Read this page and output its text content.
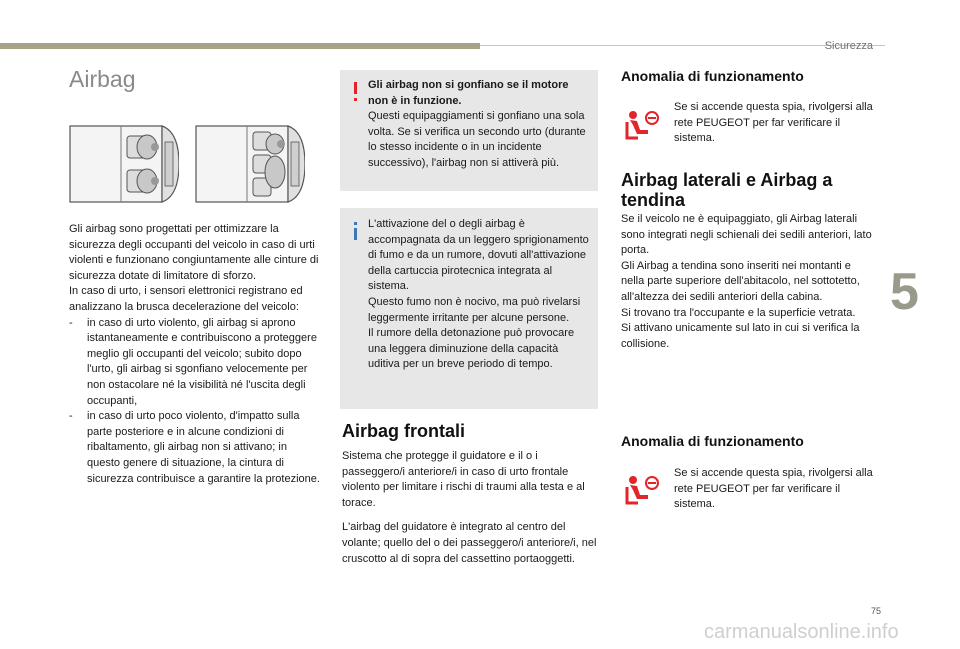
Sicurezza
5
Airbag

Gli airbag sono progettati per ottimizzare la sicurezza degli occupanti del veicolo in caso di urti violenti e funzionano congiuntamente alle cinture di sicurezza dotate di limitatore di sforzo.

In caso di urto, i sensori elettronici registrano ed analizzano la brusca decelerazione del veicolo:

- in caso di urto violento, gli airbag si aprono istantaneamente e contribuiscono a proteggere meglio gli occupanti del veicolo; subito dopo l'urto, gli airbag si sgonfiano velocemente per non ostacolare né la visibilità né l'uscita degli occupanti,
- in caso di urto poco violento, d'impatto sulla parte posteriore e in alcune condizioni di ribaltamento, gli airbag non si attivano; in questo genere di situazione, la cintura di sicurezza contribuisce a garantire la protezione.

Gli airbag non si gonfiano se il motore non è in funzione.

Questi equipaggiamenti si gonfiano una sola volta. Se si verifica un secondo urto (durante lo stesso incidente o in un incidente successivo), l'airbag non si attiverà più.

L'attivazione del o degli airbag è accompagnata da un leggero sprigionamento di fumo e da un rumore, dovuti all'attivazione della cartuccia pirotecnica integrata al sistema.

Questo fumo non è nocivo, ma può rivelarsi leggermente irritante per alcune persone.

Il rumore della detonazione può provocare una leggera diminuzione della capacità uditiva per un breve periodo di tempo.

Airbag frontali

Sistema che protegge il guidatore e il o i passeggero/i anteriore/i in caso di urto frontale violento per limitare i rischi di traumi alla testa e al torace.

L'airbag del guidatore è integrato al centro del volante; quello del o dei passeggero/i anteriore/i, nel cruscotto al di sopra del cassettino portaoggetti.

Anomalia di funzionamento

Se si accende questa spia, rivolgersi alla rete PEUGEOT per far verificare il sistema.

Airbag laterali e Airbag a tendina

Se il veicolo ne è equipaggiato, gli Airbag laterali sono integrati negli schienali dei sedili anteriori, lato porta.

Gli Airbag a tendina sono inseriti nei montanti e nella parte superiore dell'abitacolo, nel sottotetto, all'altezza dei sedili anteriori della cabina.

Si trovano tra l'occupante e la superficie vetrata.

Si attivano unicamente sul lato in cui si verifica la collisione.

Anomalia di funzionamento

Se si accende questa spia, rivolgersi alla rete PEUGEOT per far verificare il sistema.

75
carmanualsonline.info
